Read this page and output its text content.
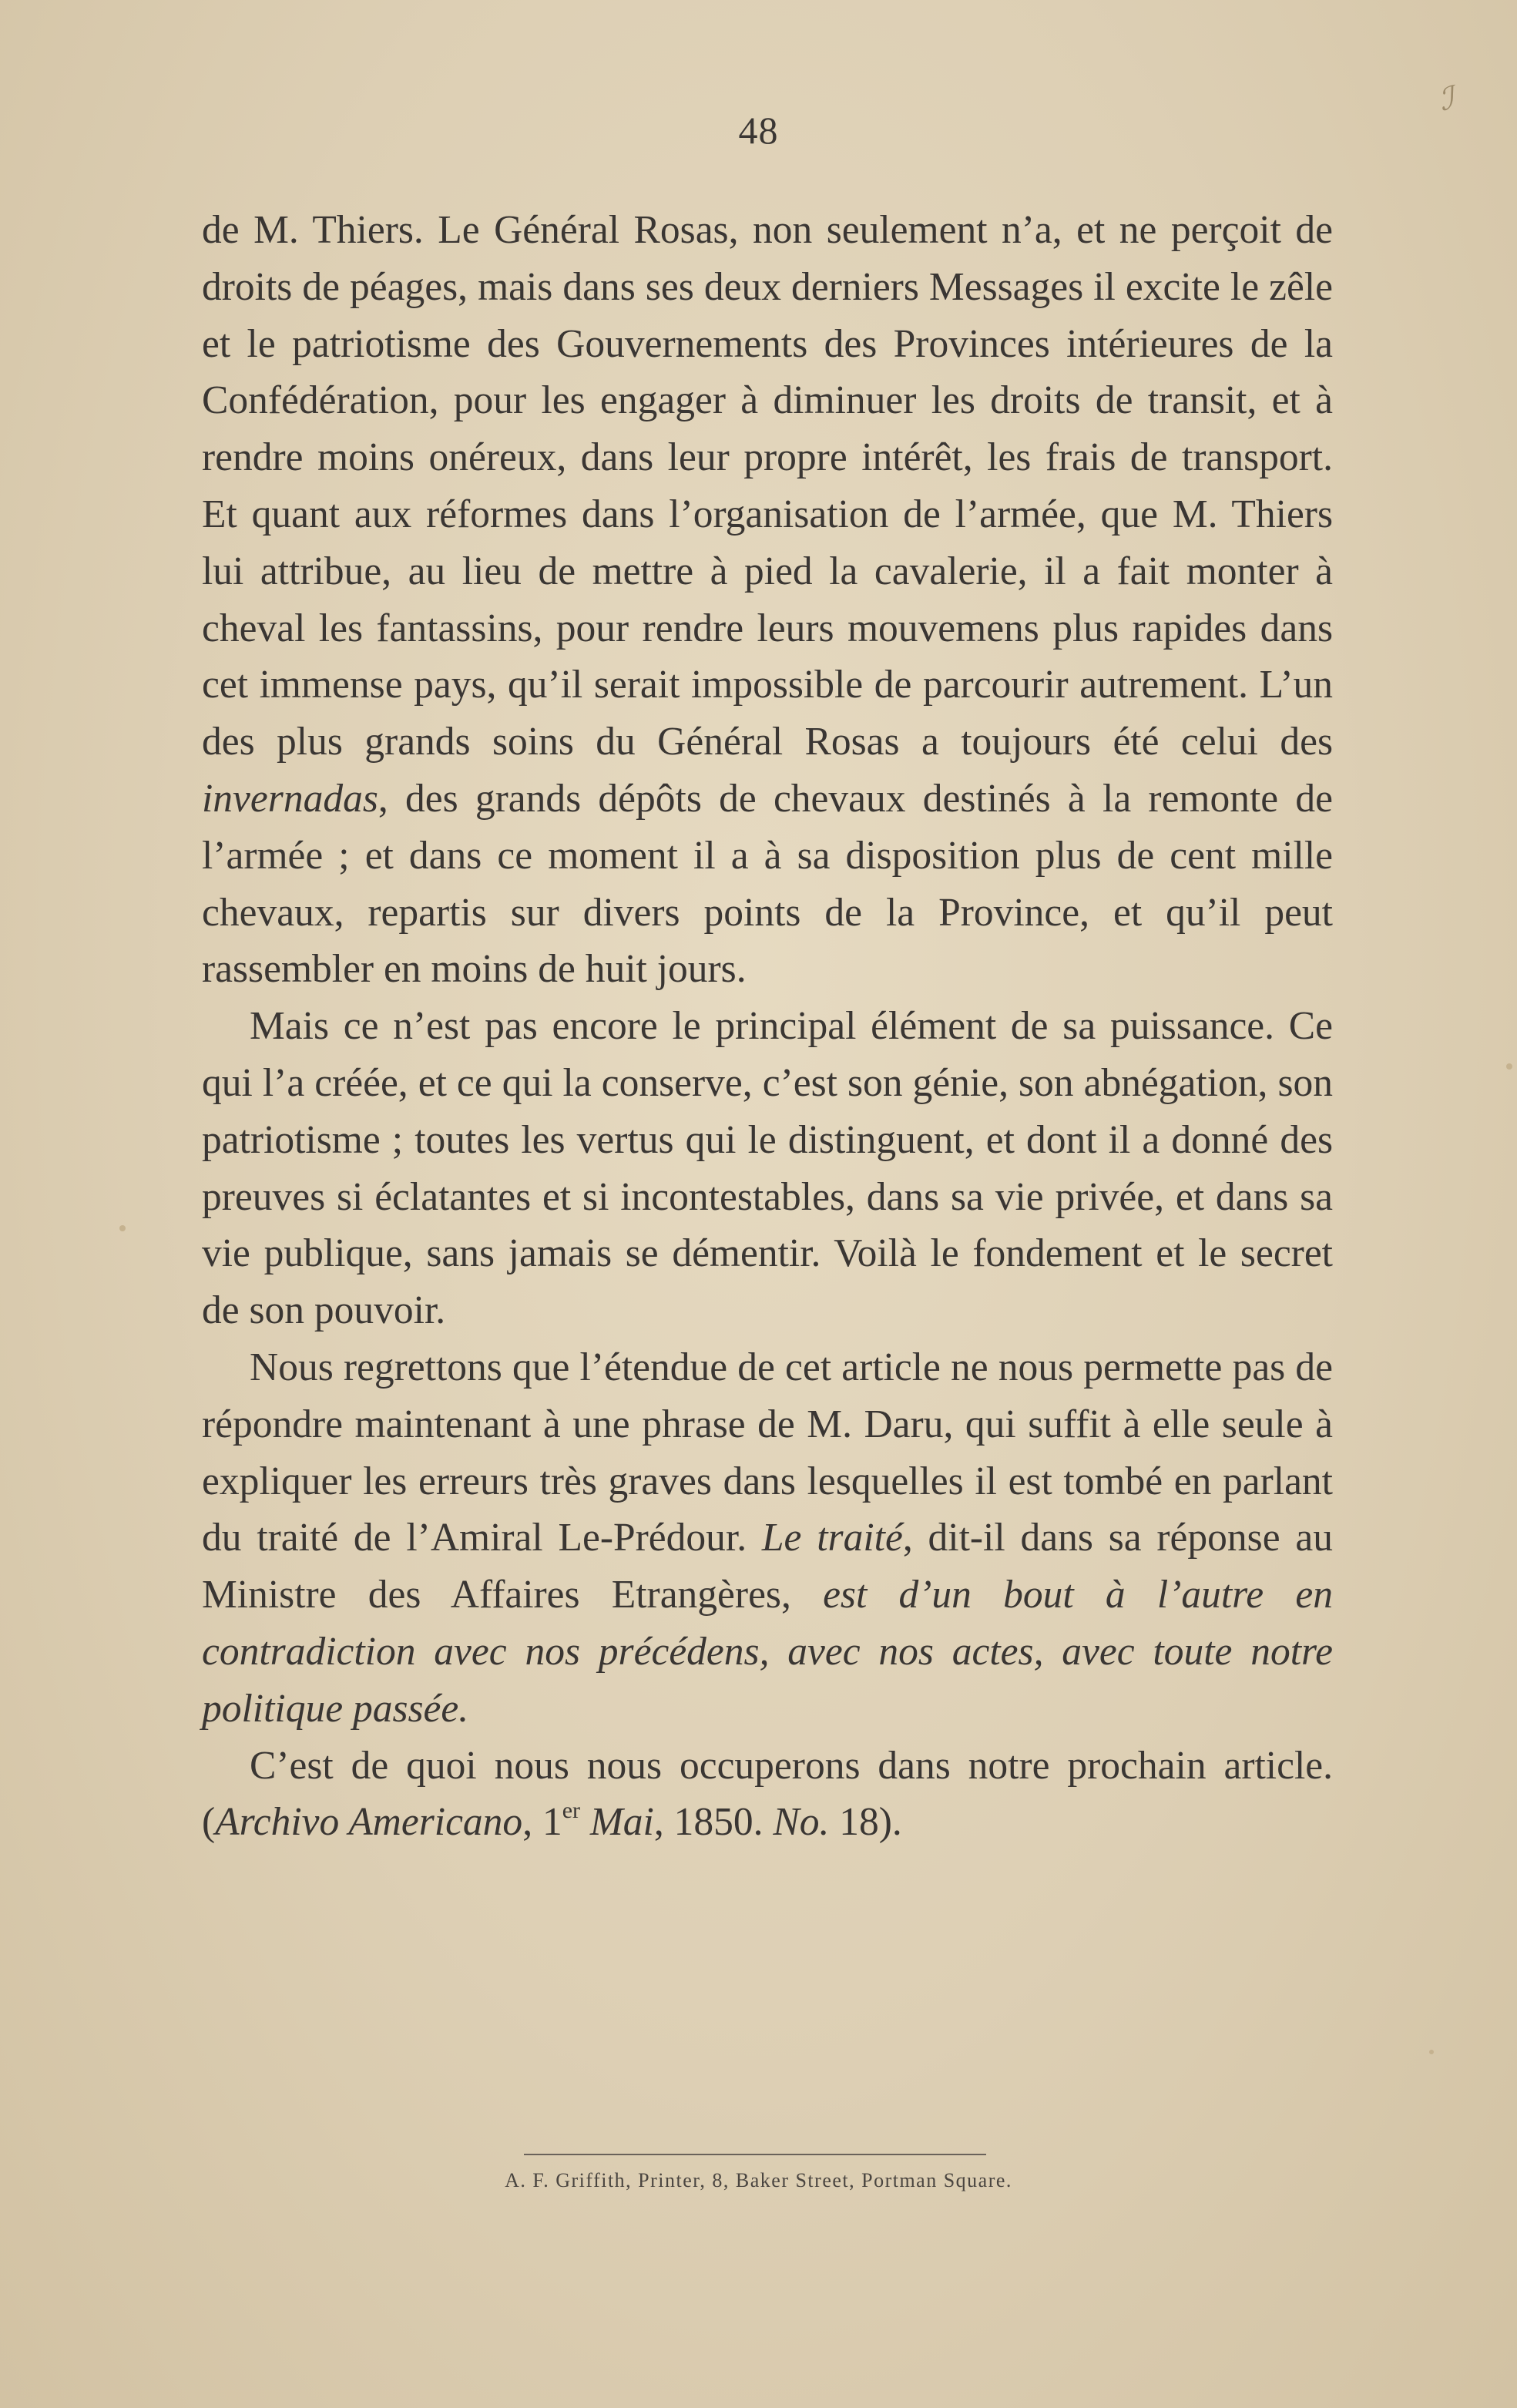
48
ℐ

de M. Thiers. Le Général Rosas, non seulement n’a, et ne perçoit de droits de péages, mais dans ses deux derniers Messages il excite le zêle et le patriotisme des Gouvernements des Provinces intérieures de la Confédération, pour les engager à diminuer les droits de transit, et à rendre moins onéreux, dans leur propre intérêt, les frais de transport. Et quant aux réformes dans l’organisation de l’armée, que M. Thiers lui attribue, au lieu de mettre à pied la cavalerie, il a fait monter à cheval les fantassins, pour rendre leurs mouvemens plus rapides dans cet immense pays, qu’il serait impossible de parcourir autrement. L’un des plus grands soins du Général Rosas a toujours été celui des invernadas, des grands dépôts de chevaux destinés à la remonte de l’armée ; et dans ce moment il a à sa disposition plus de cent mille chevaux, repartis sur divers points de la Province, et qu’il peut rassembler en moins de huit jours.

Mais ce n’est pas encore le principal élément de sa puissance. Ce qui l’a créée, et ce qui la conserve, c’est son génie, son abnégation, son patriotisme ; toutes les vertus qui le distinguent, et dont il a donné des preuves si éclatantes et si incontestables, dans sa vie privée, et dans sa vie publique, sans jamais se démentir. Voilà le fondement et le secret de son pouvoir.

Nous regrettons que l’étendue de cet article ne nous permette pas de répondre maintenant à une phrase de M. Daru, qui suffit à elle seule à expliquer les erreurs très graves dans lesquelles il est tombé en parlant du traité de l’Amiral Le-Prédour. Le traité, dit-il dans sa réponse au Ministre des Affaires Etrangères, est d’un bout à l’autre en contradiction avec nos précédens, avec nos actes, avec toute notre politique passée.

C’est de quoi nous nous occuperons dans notre prochain article. (Archivo Americano, 1er Mai, 1850. No. 18).

A. F. Griffith, Printer, 8, Baker Street, Portman Square.
